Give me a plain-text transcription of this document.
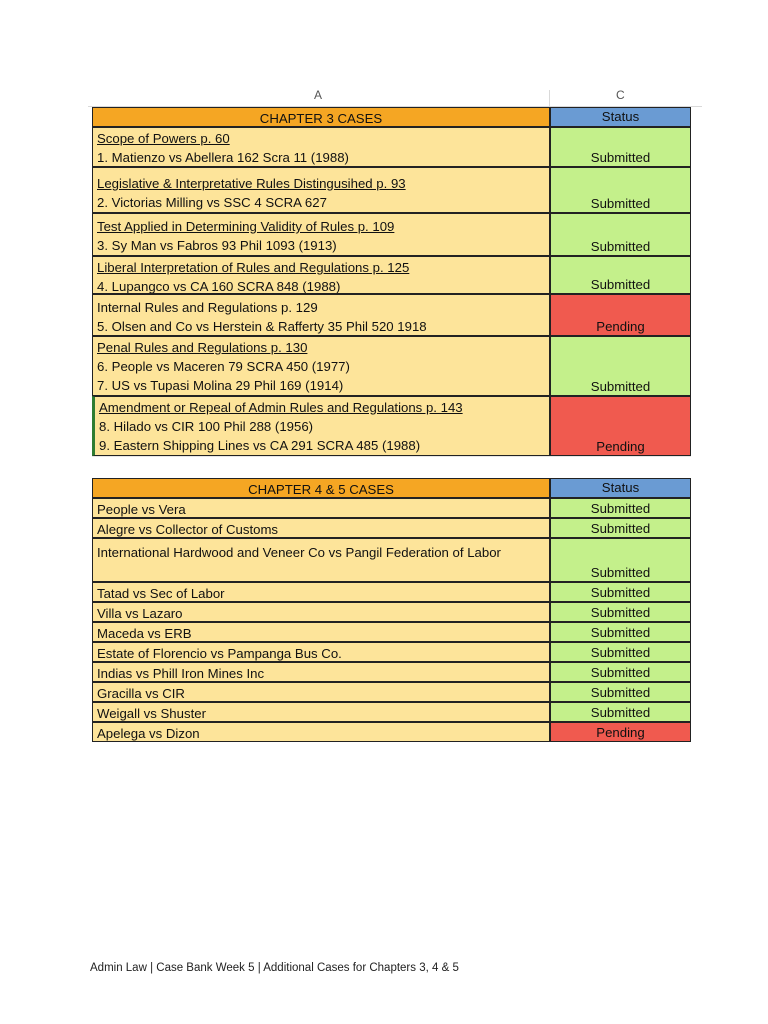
A	C
CHAPTER 3 CASES	Status
Scope of Powers p. 60
1. Matienzo vs Abellera 162 Scra 11 (1988)	Submitted
Legislative & Interpretative Rules Distingusihed p. 93
2. Victorias Milling vs SSC 4 SCRA 627	Submitted
Test Applied in Determining Validity of Rules p. 109
3. Sy Man vs Fabros 93 Phil 1093 (1913)	Submitted
Liberal Interpretation of Rules and Regulations p. 125
4. Lupangco vs CA 160 SCRA 848 (1988)	Submitted
Internal Rules and Regulations p. 129
5. Olsen and Co vs Herstein & Rafferty 35 Phil 520 1918	Pending
Penal Rules and Regulations p. 130
6. People vs Maceren 79 SCRA 450 (1977)
7. US vs Tupasi Molina 29 Phil 169 (1914)	Submitted
Amendment or Repeal of Admin Rules and Regulations p. 143
8. Hilado vs CIR 100 Phil 288 (1956)
9. Eastern Shipping Lines vs CA 291 SCRA 485 (1988)	Pending
CHAPTER 4 & 5 CASES	Status
People vs Vera	Submitted
Alegre vs Collector of Customs	Submitted
International Hardwood and Veneer Co vs Pangil Federation of Labor
Submitted
Tatad vs Sec of Labor	Submitted
Villa vs Lazaro	Submitted
Maceda vs ERB	Submitted
Estate of Florencio vs Pampanga Bus Co.	Submitted
Indias vs Phill Iron Mines Inc	Submitted
Gracilla vs CIR	Submitted
Weigall vs Shuster	Submitted
Apelega vs Dizon	Pending
Admin Law | Case Bank Week 5 | Additional Cases for Chapters 3, 4 & 5
